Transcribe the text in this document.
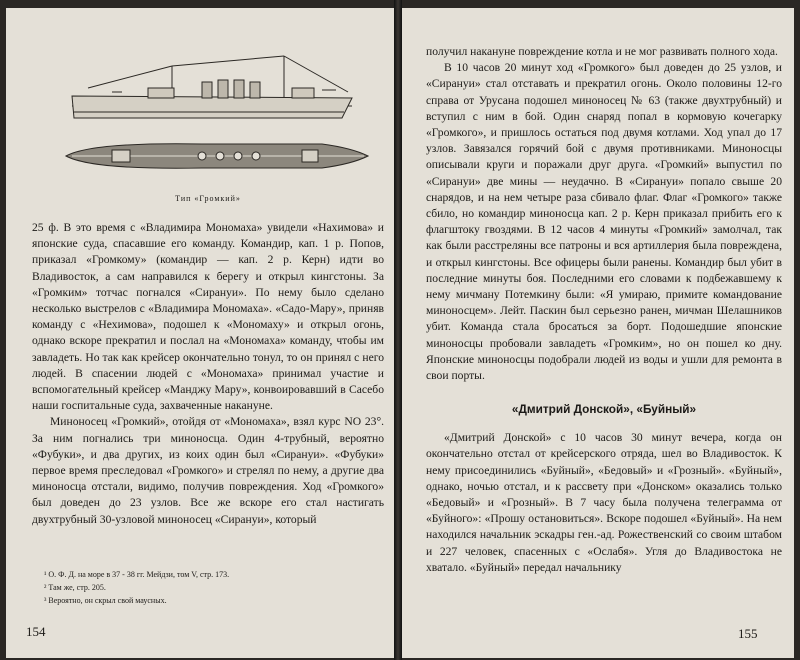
Тип «Громкий»

25 ф. В это время с «Владимира Мономаха» увидели «Нахимова» и японские суда, спасавшие его команду. Командир, кап. 1 р. Попов, приказал «Громкому» (командир — кап. 2 р. Керн) идти во Владивосток, а сам направился к берегу и открыл кингстоны. За «Громким» тотчас погнался «Сирануи». По нему было сделано несколько выстрелов с «Владимира Мономаха». «Садо-Мару», приняв команду с «Нехимова», подошел к «Мономаху» и открыл огонь, однако вскоре прекратил и послал на «Мономаха» команду, чтобы им завладеть. Но так как крейсер окончательно тонул, то он принял с него людей. В спасении людей с «Мономаха» принимал участие и вспомогательный крейсер «Манджу Мару», конвоировавший в Сасебо наши госпитальные суда, захваченные накануне.

Миноносец «Громкий», отойдя от «Мономаха», взял курс NO 23°. За ним погнались три миноносца. Один 4-трубный, вероятно «Фубуки», и два других, из коих один был «Сирануи». «Фубуки» первое время преследовал «Громкого» и стрелял по нему, а другие два миноносца отстали, видимо, получив повреждения. Ход «Громкого» был доведен до 23 узлов. Все же вскоре его стал настигать двухтрубный 30-узловой миноносец «Сирануи», который

¹ О. Ф. Д. на море в 37 - 38 гг. Мейдзи, том V, стр. 173.
² Там же, стр. 205.
³ Вероятно, он скрыл свой маусных.
154

получил накануне повреждение котла и не мог развивать полного хода.

В 10 часов 20 минут ход «Громкого» был доведен до 25 узлов, и «Сирануи» стал отставать и прекратил огонь. Около половины 12-го справа от Урусана подошел миноносец № 63 (также двухтрубный) и вступил с ним в бой. Один снаряд попал в кормовую кочегарку «Громкого», и пришлось остаться под двумя котлами. Ход упал до 17 узлов. Завязался горячий бой с двумя противниками. Миноносцы описывали круги и поражали друг друга. «Громкий» выпустил по «Сирануи» две мины — неудачно. В «Сирануи» попало свыше 20 снарядов, и на нем четыре раза сбивало флаг. Флаг «Громкого» также сбило, но командир миноносца кап. 2 р. Керн приказал прибить его к флагштоку гвоздями. В 12 часов 4 минуты «Громкий» замолчал, так как были расстреляны все патроны и вся артиллерия была повреждена, и открыл кингстоны. Все офицеры были ранены. Командир был убит в последние минуты боя. Последними его словами к подбежавшему к нему мичману Потемкину были: «Я умираю, примите командование миноносцем». Лейт. Паскин был серьезно ранен, мичман Шелашников убит. Команда стала бросаться за борт. Подошедшие японские миноносцы пробовали завладеть «Громким», но он пошел ко дну. Японские миноносцы подобрали людей из воды и ушли для ремонта в свои порты.

«Дмитрий Донской», «Буйный»

«Дмитрий Донской» с 10 часов 30 минут вечера, когда он окончательно отстал от крейсерского отряда, шел во Владивосток. К нему присоединились «Буйный», «Бедовый» и «Грозный». «Буйный», однако, ночью отстал, и к рассвету при «Донском» оказались только «Бедовый» и «Грозный». В 7 часу была получена телеграмма от «Буйного»: «Прошу остановиться». Вскоре подошел «Буйный». На нем находился начальник эскадры ген.-ад. Рожественский со своим штабом и 227 человек, спасенных с «Ослабя». Угля до Владивостока не хватало. «Буйный» передал начальнику

155
